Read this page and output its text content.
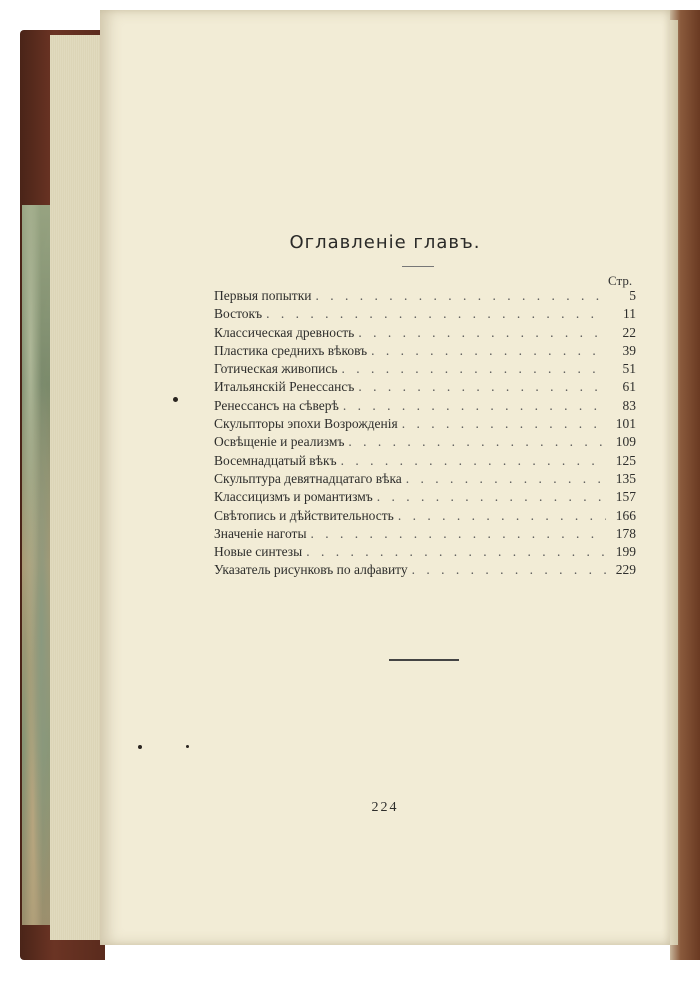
Оглавленіе главъ.
Стр.
Первыя попытки . . .	5
Востокъ . . .	11
Классическая древность . . .	22
Пластика среднихъ вѣковъ . . .	39
Готическая живопись . . .	51
Итальянскій Ренессансъ . . .	61
Ренессансъ на сѣверѣ . . .	83
Скульпторы эпохи Возрожденія . . .	101
Освѣщеніе и реализмъ . . .	109
Восемнадцатый вѣкъ . . .	125
Скульптура девятнадцатаго вѣка . . .	135
Классицизмъ и романтизмъ . . .	157
Свѣтопись и дѣйствительность . . .	166
Значеніе наготы . . .	178
Новые синтезы . . .	199
Указатель рисунковъ по алфавиту . . .	229
224
